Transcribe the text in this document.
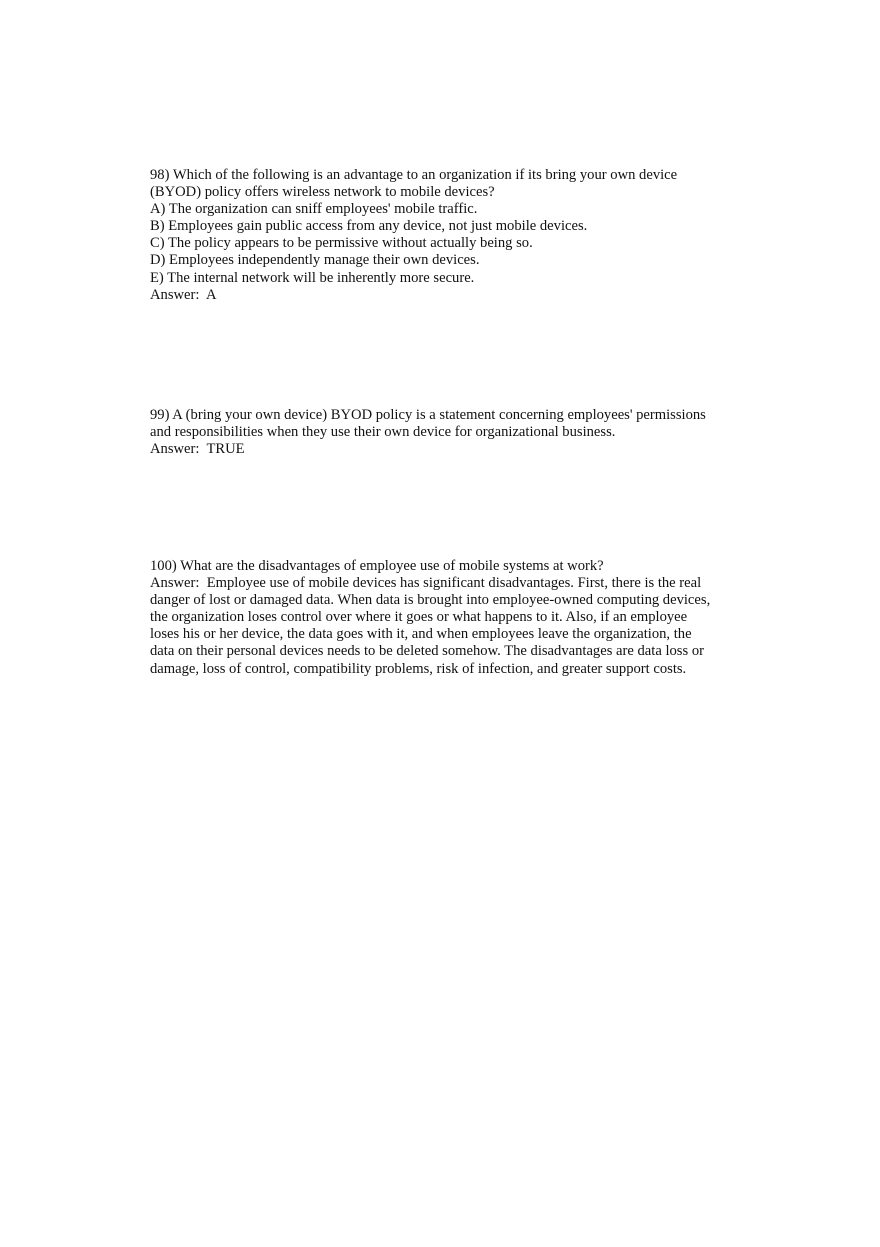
98) Which of the following is an advantage to an organization if its bring your own device
(BYOD) policy offers wireless network to mobile devices?
A) The organization can sniff employees' mobile traffic.
B) Employees gain public access from any device, not just mobile devices.
C) The policy appears to be permissive without actually being so.
D) Employees independently manage their own devices.
E) The internal network will be inherently more secure.
Answer:  A
99) A (bring your own device) BYOD policy is a statement concerning employees' permissions
and responsibilities when they use their own device for organizational business.
Answer:  TRUE
100) What are the disadvantages of employee use of mobile systems at work?
Answer:  Employee use of mobile devices has significant disadvantages. First, there is the real
danger of lost or damaged data. When data is brought into employee-owned computing devices,
the organization loses control over where it goes or what happens to it. Also, if an employee
loses his or her device, the data goes with it, and when employees leave the organization, the
data on their personal devices needs to be deleted somehow. The disadvantages are data loss or
damage, loss of control, compatibility problems, risk of infection, and greater support costs.
